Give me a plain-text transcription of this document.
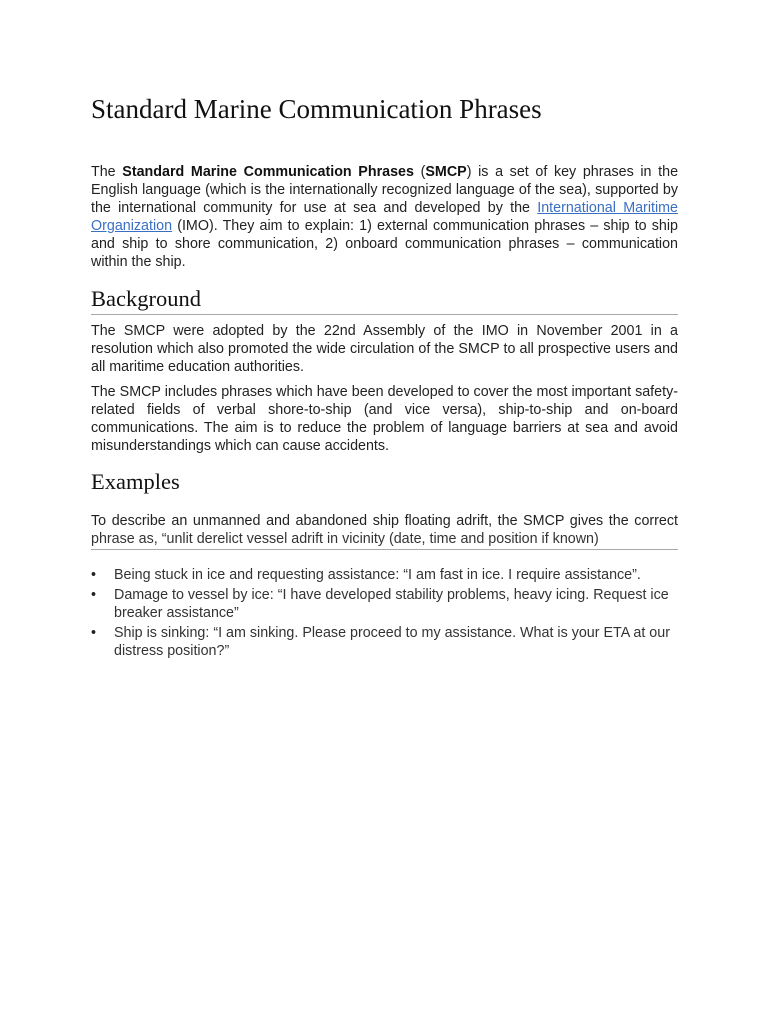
Standard Marine Communication Phrases

The Standard Marine Communication Phrases (SMCP) is a set of key phrases in the English language (which is the internationally recognized language of the sea), supported by the international community for use at sea and developed by the International Maritime Organization (IMO). They aim to explain: 1) external communication phrases – ship to ship and ship to shore communication, 2) onboard communication phrases – communication within the ship.

Background

The SMCP were adopted by the 22nd Assembly of the IMO in November 2001 in a resolution which also promoted the wide circulation of the SMCP to all prospective users and all maritime education authorities.

The SMCP includes phrases which have been developed to cover the most important safety-related fields of verbal shore-to-ship (and vice versa), ship-to-ship and on-board communications. The aim is to reduce the problem of language barriers at sea and avoid misunderstandings which can cause accidents.

Examples

To describe an unmanned and abandoned ship floating adrift, the SMCP gives the correct phrase as, “unlit derelict vessel adrift in vicinity (date, time and position if known)

• Being stuck in ice and requesting assistance: “I am fast in ice. I require assistance”.
• Damage to vessel by ice: “I have developed stability problems, heavy icing. Request ice breaker assistance”
• Ship is sinking: “I am sinking. Please proceed to my assistance. What is your ETA at our distress position?”
